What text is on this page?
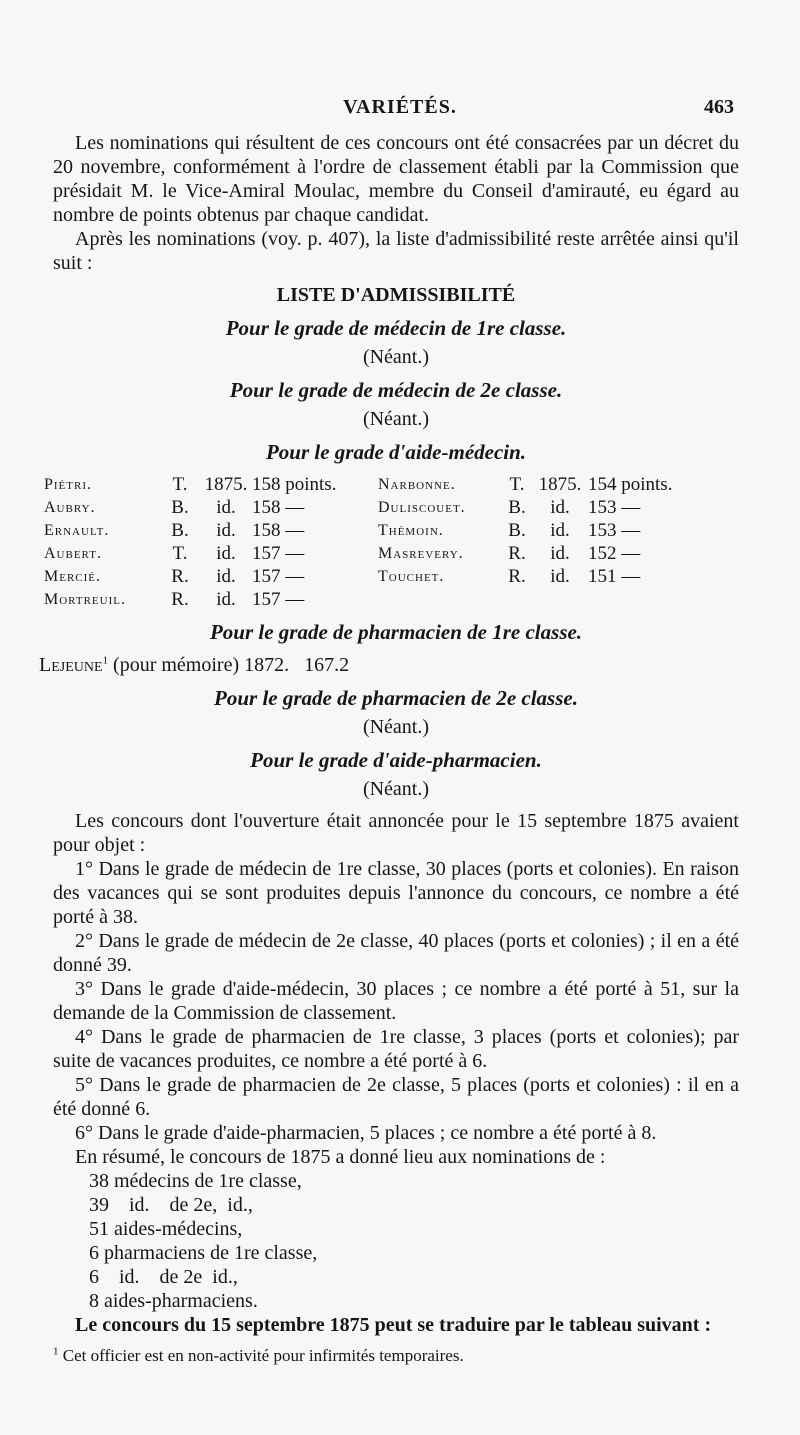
VARIÉTÉS.	463

Les nominations qui résultent de ces concours ont été consacrées par un décret du 20 novembre, conformément à l'ordre de classement établi par la Commission que présidait M. le Vice-Amiral Moulac, membre du Conseil d'amirauté, eu égard au nombre de points obtenus par chaque candidat.

Après les nominations (voy. p. 407), la liste d'admissibilité reste arrêtée ainsi qu'il suit :

LISTE D'ADMISSIBILITÉ
Pour le grade de médecin de 1re classe.
(Néant.)
Pour le grade de médecin de 2e classe.
(Néant.)
Pour le grade d'aide-médecin.
Piétri.	T.	1875.	158 points.	Narbonne.	T.	1875.	154 points.
Aubry.	B.	id.	158 —	Duliscouet.	B.	id.	153 —
Ernault.	B.	id.	158 —	Thémoin.	B.	id.	153 —
Aubert.	T.	id.	157 —	Masrevery.	R.	id.	152 —
Mercié.	R.	id.	157 —	Touchet.	R.	id.	151 —
Mortreuil.	R.	id.	157 —				
Pour le grade de pharmacien de 1re classe.
Lejeune$^1$ (pour mémoire) 1872.   167.2
Pour le grade de pharmacien de 2e classe.
(Néant.)
Pour le grade d'aide-pharmacien.
(Néant.)

Les concours dont l'ouverture était annoncée pour le 15 septembre 1875 avaient pour objet :

1° Dans le grade de médecin de 1re classe, 30 places (ports et colonies). En raison des vacances qui se sont produites depuis l'annonce du concours, ce nombre a été porté à 38.

2° Dans le grade de médecin de 2e classe, 40 places (ports et colonies) ; il en a été donné 39.

3° Dans le grade d'aide-médecin, 30 places ; ce nombre a été porté à 51, sur la demande de la Commission de classement.

4° Dans le grade de pharmacien de 1re classe, 3 places (ports et colonies); par suite de vacances produites, ce nombre a été porté à 6.

5° Dans le grade de pharmacien de 2e classe, 5 places (ports et colonies) : il en a été donné 6.

6° Dans le grade d'aide-pharmacien, 5 places ; ce nombre a été porté à 8.

En résumé, le concours de 1875 a donné lieu aux nominations de :

38 médecins de 1re classe,
39    id.    de 2e,  id.,
51 aides-médecins,
6 pharmaciens de 1re classe,
6    id.    de 2e  id.,
8 aides-pharmaciens.

Le concours du 15 septembre 1875 peut se traduire par le tableau suivant :

$^1$ Cet officier est en non-activité pour infirmités temporaires.
